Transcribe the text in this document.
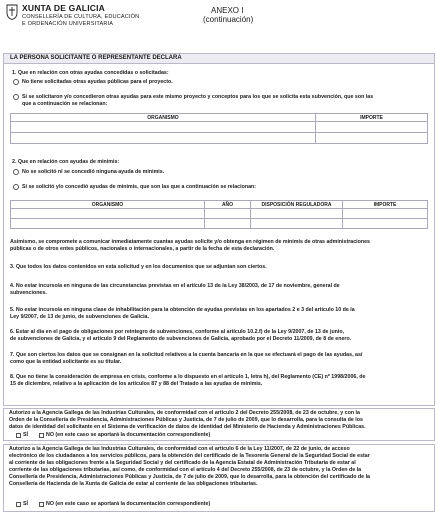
XUNTA DE GALICIA
CONSELLERÍA DE CULTURA, EDUCACIÓN
E ORDENACIÓN UNIVERSITARIA
ANEXO I
(continuación)
LA PERSONA SOLICITANTE O REPRESENTANTE DECLARA
1. Que en relación con otras ayudas concedidas o solicitadas:
No tiene solicitadas otras ayudas públicas para el proyecto.
Sí se solicitaron y/o concedieron otras ayudas para este mismo proyecto y conceptos para los que se solicita esta subvención, que son las
que a continuación se relacionan:
ORGANISMO	IMPORTE

2. Que en relación con ayudas de minimis:
No se solicitó ni se concedió ninguna ayuda de minimis.
Sí se solicitó y/o concedió ayudas de minimis, que son las que a continuación se relacionan:
ORGANISMO	AÑO	DISPOSICIÓN REGULADORA	IMPORTE

Asimismo, se compromete a comunicar inmediatamente cuantas ayudas solicite y/o obtenga en régimen de minimis de otras administraciones
públicas o de otros entes públicos, nacionales o internacionales, a partir de la fecha de esta declaración.
3. Que todos los datos contenidos en esta solicitud y en los documentos que se adjuntan son ciertos.
4. No estar incurso/a en ninguna de las circunstancias previstas en el artículo 13 de la Ley 38/2003, de 17 de noviembre, general de
subvenciones.
5. No estar incurso/a en ninguna clase de inhabilitación para la obtención de ayudas previstas en los apartados 2 e 3 del artículo 10 de la
Ley 9/2007, de 13 de junio, de subvenciones de Galicia.
6. Estar al día en el pago de obligaciones por reintegro de subvenciones, conforme al artículo 10.2.f) de la Ley 9/2007, de 13 de junio,
de subvenciones de Galicia, y el artículo 9 del Reglamento de subvenciones de Galicia, aprobado por el Decreto 11/2009, de 8 de enero.
7. Que son ciertos los datos que se consignan en la solicitud relativos a la cuenta bancaria en la que se efectuará el pago de las ayudas, así
como que la entidad solicitante es su titular.
8. Que no tiene la consideración de empresa en crisis, conforme a lo dispuesto en el artículo 1, letra h), del Reglamento (CE) nº 1998/2006, de
15 de diciembre, relativo a la aplicación de los artículos 87 y 88 del Tratado a las ayudas de minimis.
Autorizo a la Agencia Gallega de las Industrias Culturales, de conformidad con el artículo 2 del Decreto 255/2008, de 23 de octubre, y con la
Orden de la Consellería de Presidencia, Administraciones Públicas y Justicia, de 7 de julio de 2009, que lo desarrolla, para la consulta de los
datos de identidad del solicitante en el Sistema de verificación de datos de identidad del Ministerio de Hacienda y Administraciones Públicas.
SÍ	NO (en este caso se aportará la documentación correspondiente)
Autorizo a la Agencia Gallega de las Industrias Culturales, de conformidad con el artículo 6 de la Ley 11/2007, de 22 de junio, de acceso
electrónico de los ciudadanos a los servicios públicos, para la obtención del certificado de la Tesorería General de la Seguridad Social de estar
al corriente de las obligaciones frente a la Seguridad Social y del certificado de la Agencia Estatal de Administración Tributaria de estar al
corriente de las obligaciones tributarias, así como, de conformidad con el artículo 4 del Decreto 255/2008, de 23 de octubre, y la Orden de la
Consellería de Presidencia, Administraciones Públicas y Justicia, de 7 de julio de 2009, que lo desarrolla, para la obtención del certificado de la
Consellería de Hacienda de la Xunta de Galicia de estar al corriente de las obligaciones tributarias.
SÍ	NO (en este caso se aportará la documentación correspondiente)
